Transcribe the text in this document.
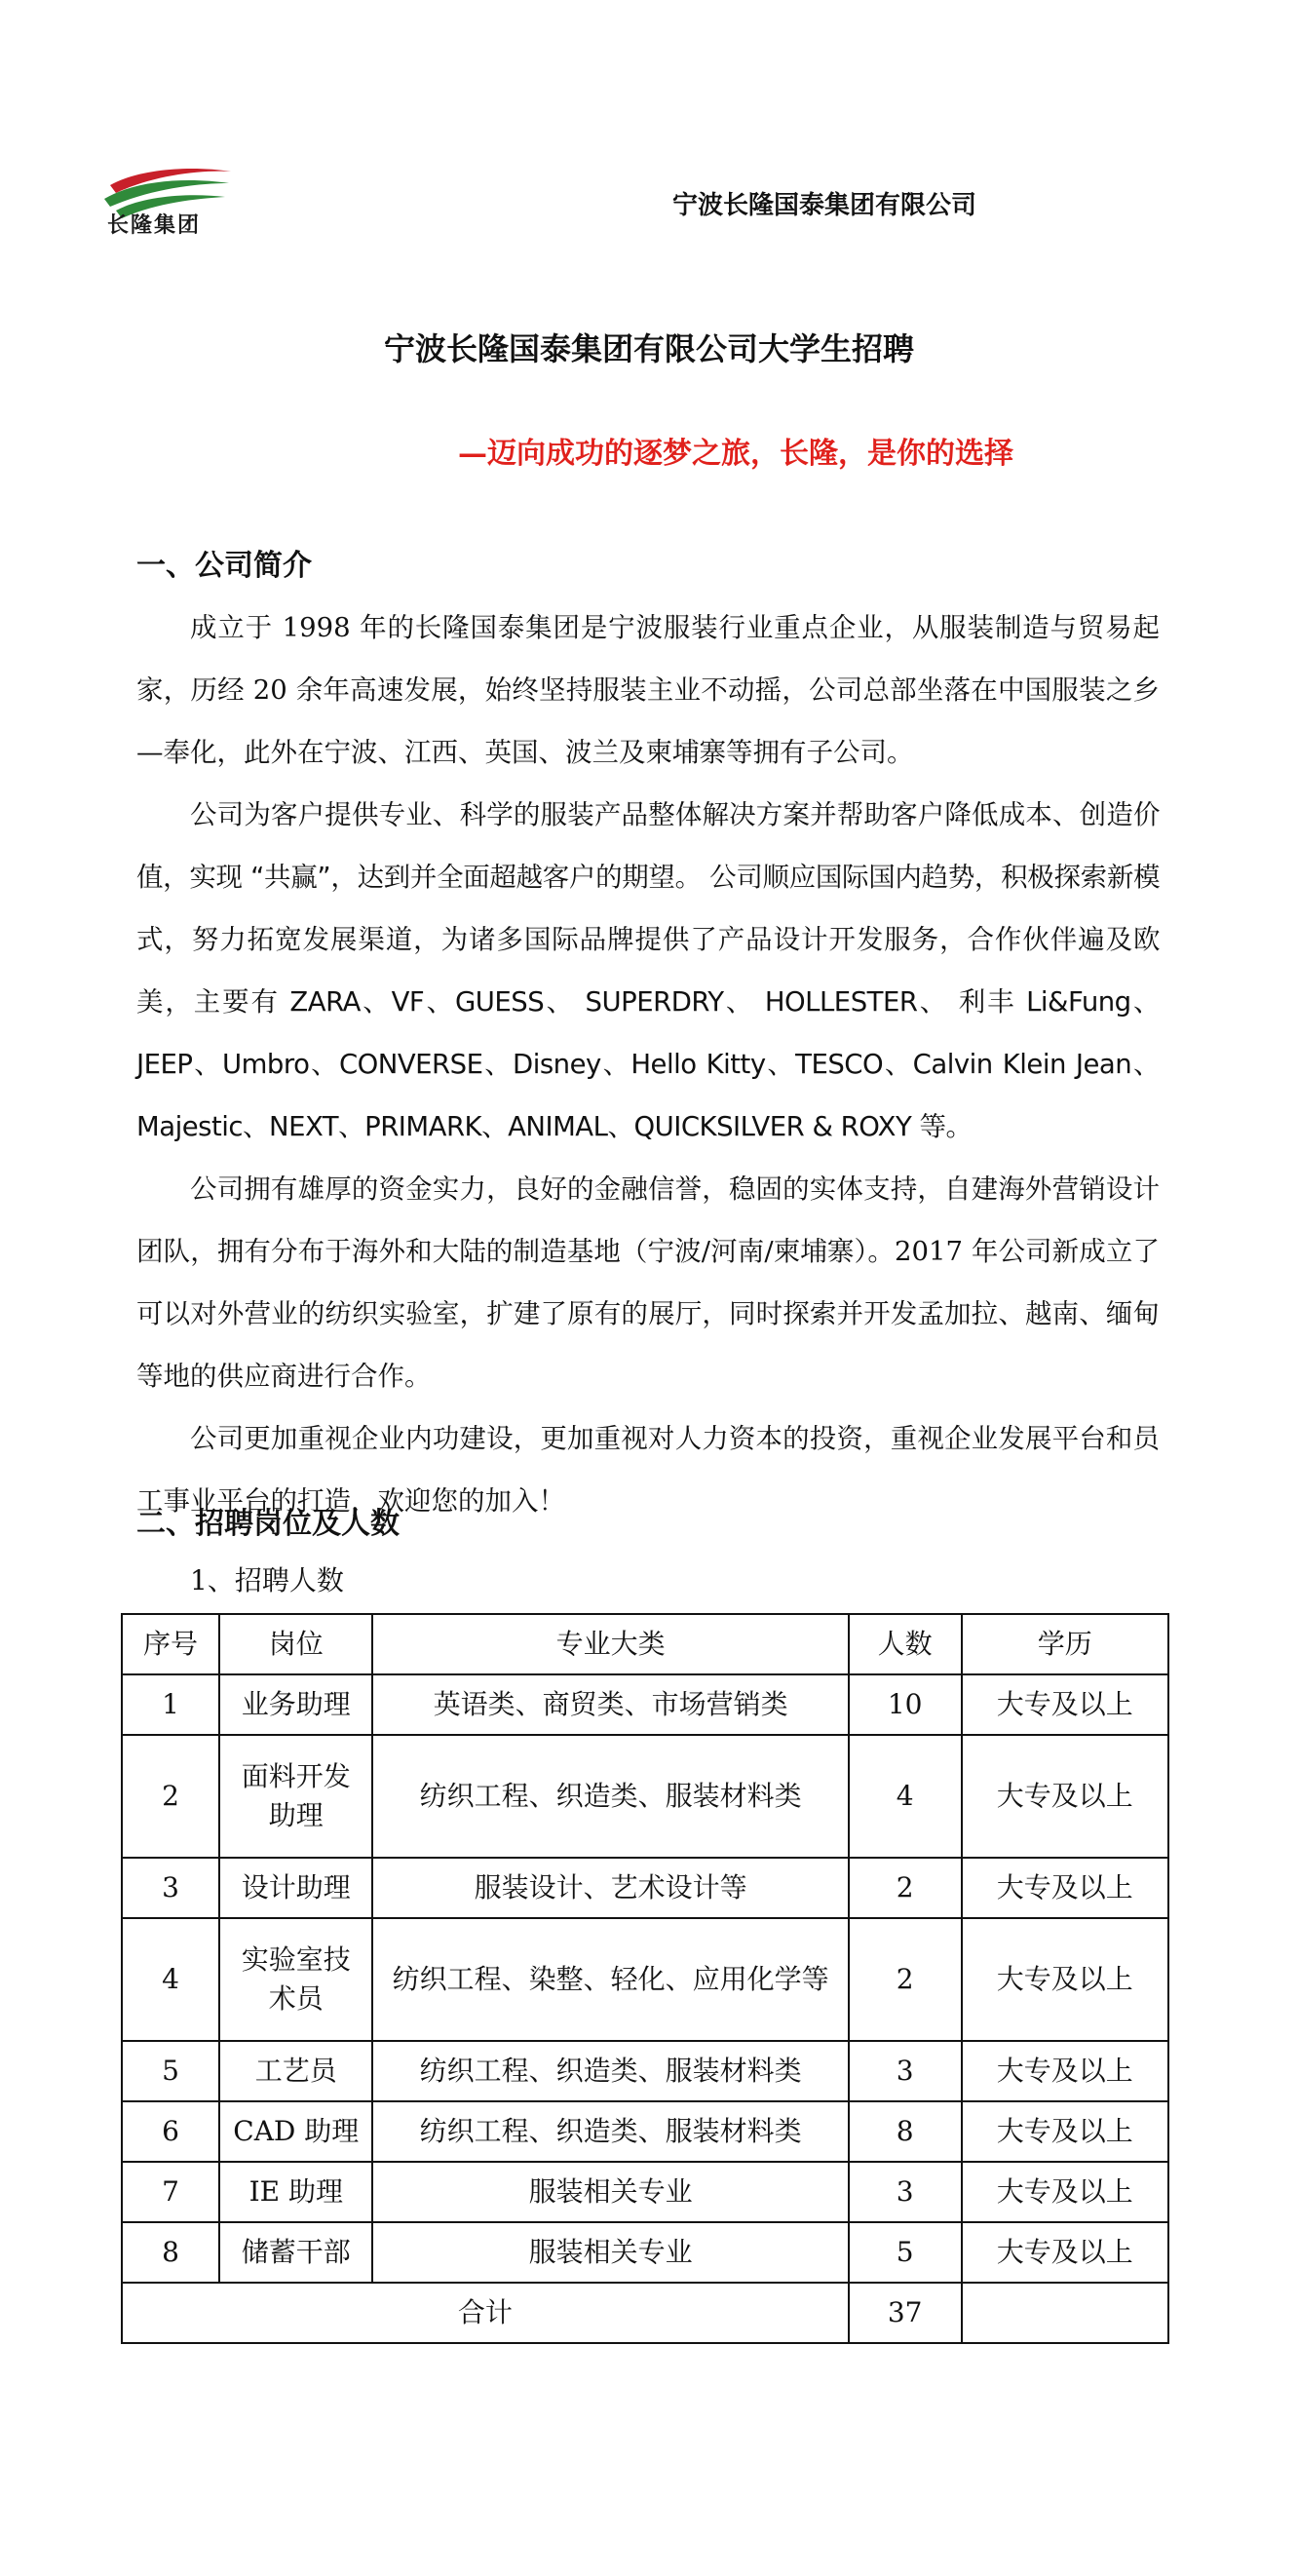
长隆集团
宁波长隆国泰集团有限公司
宁波长隆国泰集团有限公司大学生招聘
—迈向成功的逐梦之旅，长隆，是你的选择
一、公司简介

成立于 1998 年的长隆国泰集团是宁波服装行业重点企业，从服装制造与贸易起家，历经 20 余年高速发展，始终坚持服装主业不动摇，公司总部坐落在中国服装之乡—奉化，此外在宁波、江西、英国、波兰及柬埔寨等拥有子公司。

公司为客户提供专业、科学的服装产品整体解决方案并帮助客户降低成本、创造价值，实现 “共赢”，达到并全面超越客户的期望。 公司顺应国际国内趋势，积极探索新模式，努力拓宽发展渠道，为诸多国际品牌提供了产品设计开发服务，合作伙伴遍及欧美，主要有 ZARA、VF、GUESS、 SUPERDRY、 HOLLESTER、 利丰 Li&Fung、JEEP、Umbro、CONVERSE、Disney、Hello Kitty、TESCO、Calvin Klein Jean、Majestic、NEXT、PRIMARK、ANIMAL、QUICKSILVER & ROXY 等。

公司拥有雄厚的资金实力，良好的金融信誉，稳固的实体支持，自建海外营销设计团队，拥有分布于海外和大陆的制造基地（宁波/河南/柬埔寨）。2017 年公司新成立了可以对外营业的纺织实验室，扩建了原有的展厅，同时探索并开发孟加拉、越南、缅甸等地的供应商进行合作。

公司更加重视企业内功建设，更加重视对人力资本的投资，重视企业发展平台和员工事业平台的打造，欢迎您的加入！

二、招聘岗位及人数
1、招聘人数
序号	岗位	专业大类	人数	学历
1	业务助理	英语类、商贸类、市场营销类	10	大专及以上
2	面料开发助理	纺织工程、织造类、服装材料类	4	大专及以上
3	设计助理	服装设计、艺术设计等	2	大专及以上
4	实验室技术员	纺织工程、染整、轻化、应用化学等	2	大专及以上
5	工艺员	纺织工程、织造类、服装材料类	3	大专及以上
6	CAD 助理	纺织工程、织造类、服装材料类	8	大专及以上
7	IE 助理	服装相关专业	3	大专及以上
8	储蓄干部	服装相关专业	5	大专及以上
合计			37	
